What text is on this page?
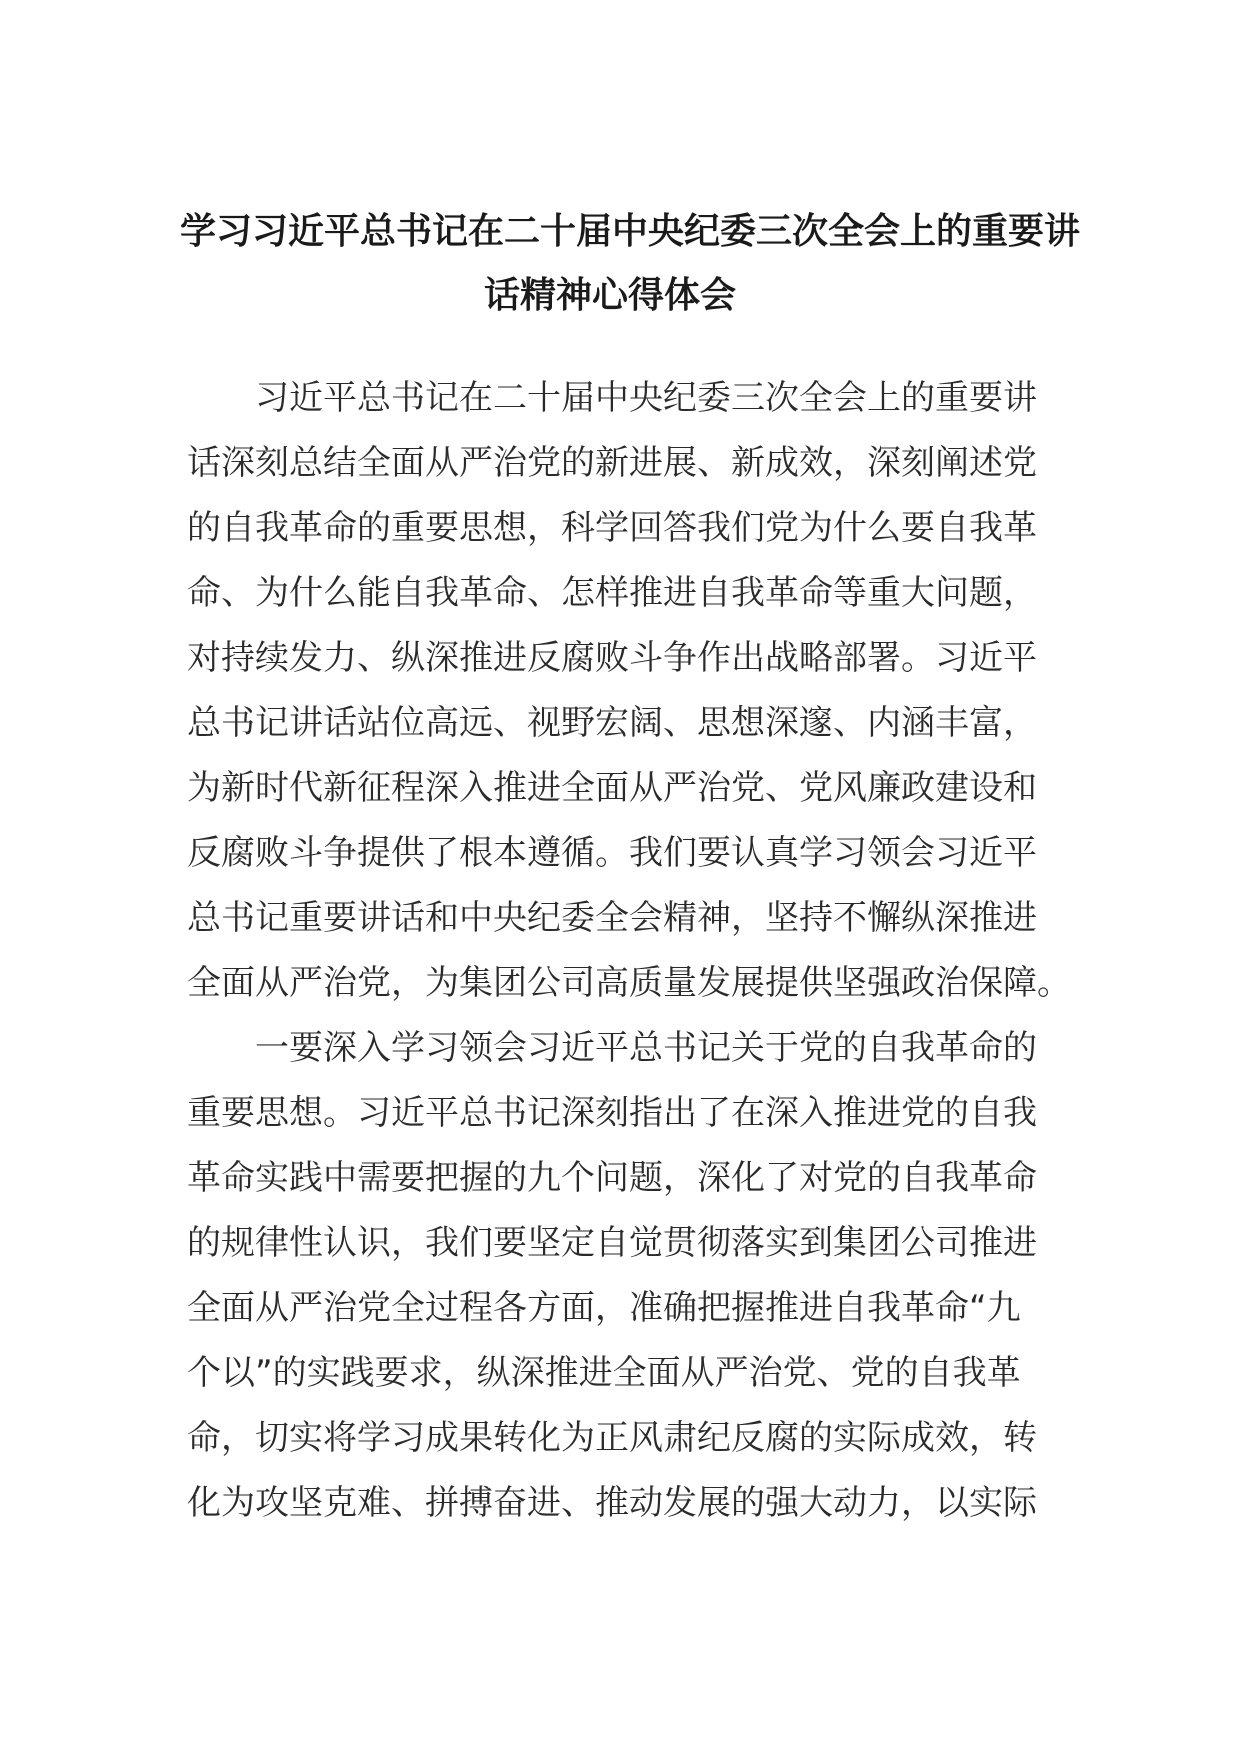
学习习近平总书记在二十届中央纪委三次全会上的重要讲
话精神心得体会

习近平总书记在二十届中央纪委三次全会上的重要讲
话深刻总结全面从严治党的新进展、新成效，深刻阐述党
的自我革命的重要思想，科学回答我们党为什么要自我革
命、为什么能自我革命、怎样推进自我革命等重大问题，
对持续发力、纵深推进反腐败斗争作出战略部署。习近平
总书记讲话站位高远、视野宏阔、思想深邃、内涵丰富，
为新时代新征程深入推进全面从严治党、党风廉政建设和
反腐败斗争提供了根本遵循。我们要认真学习领会习近平
总书记重要讲话和中央纪委全会精神，坚持不懈纵深推进
全面从严治党，为集团公司高质量发展提供坚强政治保障。

一要深入学习领会习近平总书记关于党的自我革命的
重要思想。习近平总书记深刻指出了在深入推进党的自我
革命实践中需要把握的九个问题，深化了对党的自我革命
的规律性认识，我们要坚定自觉贯彻落实到集团公司推进
全面从严治党全过程各方面，准确把握推进自我革命“九
个以”的实践要求，纵深推进全面从严治党、党的自我革
命，切实将学习成果转化为正风肃纪反腐的实际成效，转
化为攻坚克难、拼搏奋进、推动发展的强大动力，以实际
